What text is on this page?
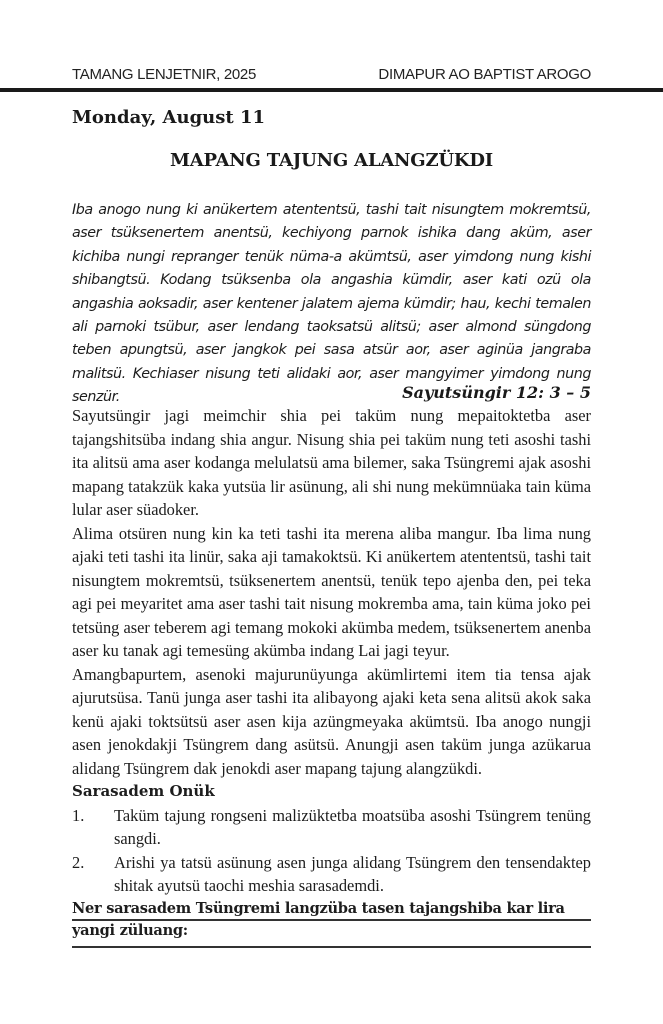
TAMANG LENJETNIR, 2025	DIMAPUR AO BAPTIST AROGO
Monday, August 11
MAPANG TAJUNG ALANGZÜKDI

Iba anogo nung ki anükertem atententsü, tashi tait nisungtem mokremtsü, aser tsüksenertem anentsü, kechiyong parnok ishika dang aküm, aser kichiba nungi repranger tenük nüma-a akümtsü, aser yimdong nung kishi shibangtsü. Kodang tsüksenba ola angashia kümdir, aser kati ozü ola angashia aoksadir, aser kentener jalatem ajema kümdir; hau, kechi temalen ali parnoki tsübur, aser lendang taoksatsü alitsü; aser almond süngdong teben apungtsü, aser jangkok pei sasa atsür aor, aser aginüa jangraba malitsü. Kechiaser nisung teti alidaki aor, aser mangyimer yimdong nung senzür.	Sayutsüngir 12: 3 – 5

Sayutsüngir jagi meimchir shia pei taküm nung mepaitoktetba aser tajangshitsüba indang shia angur. Nisung shia pei taküm nung teti asoshi tashi ita alitsü ama aser kodanga melulatsü ama bilemer, saka Tsüngremi ajak asoshi mapang tatakzük kaka yutsüa lir asünung, ali shi nung mekümnüaka tain küma lular aser süadoker.

Alima otsüren nung kin ka teti tashi ita merena aliba mangur. Iba lima nung ajaki teti tashi ita linür, saka aji tamakoktsü. Ki anükertem atententsü, tashi tait nisungtem mokremtsü, tsüksenertem anentsü, tenük tepo ajenba den, pei teka agi pei meyaritet ama aser tashi tait nisung mokremba ama, tain küma joko pei tetsüng aser teberem agi temang mokoki akümba medem, tsüksenertem anenba aser ku tanak agi temesüng akümba indang Lai jagi teyur.

Amangbapurtem, asenoki majurunüyunga akümlirtemi item tia tensa ajak ajurutsüsa. Tanü junga aser tashi ita alibayong ajaki keta sena alitsü akok saka kenü ajaki toktsütsü aser asen kija azüngmeyaka akümtsü. Iba anogo nungji asen jenokdakji Tsüngrem dang asütsü. Anungji asen taküm junga azükarua alidang Tsüngrem dak jenokdi aser mapang tajung alangzükdi.

Sarasadem Onük
1.	Taküm tajung rongseni malizüktetba moatsüba asoshi Tsüngrem tenüng sangdi.
2.	Arishi ya tatsü asünung asen junga alidang Tsüngrem den tensendaktep shitak ayutsü taochi meshia sarasademdi.
Ner sarasadem Tsüngremi langzüba tasen tajangshiba kar lira yangi züluang:
